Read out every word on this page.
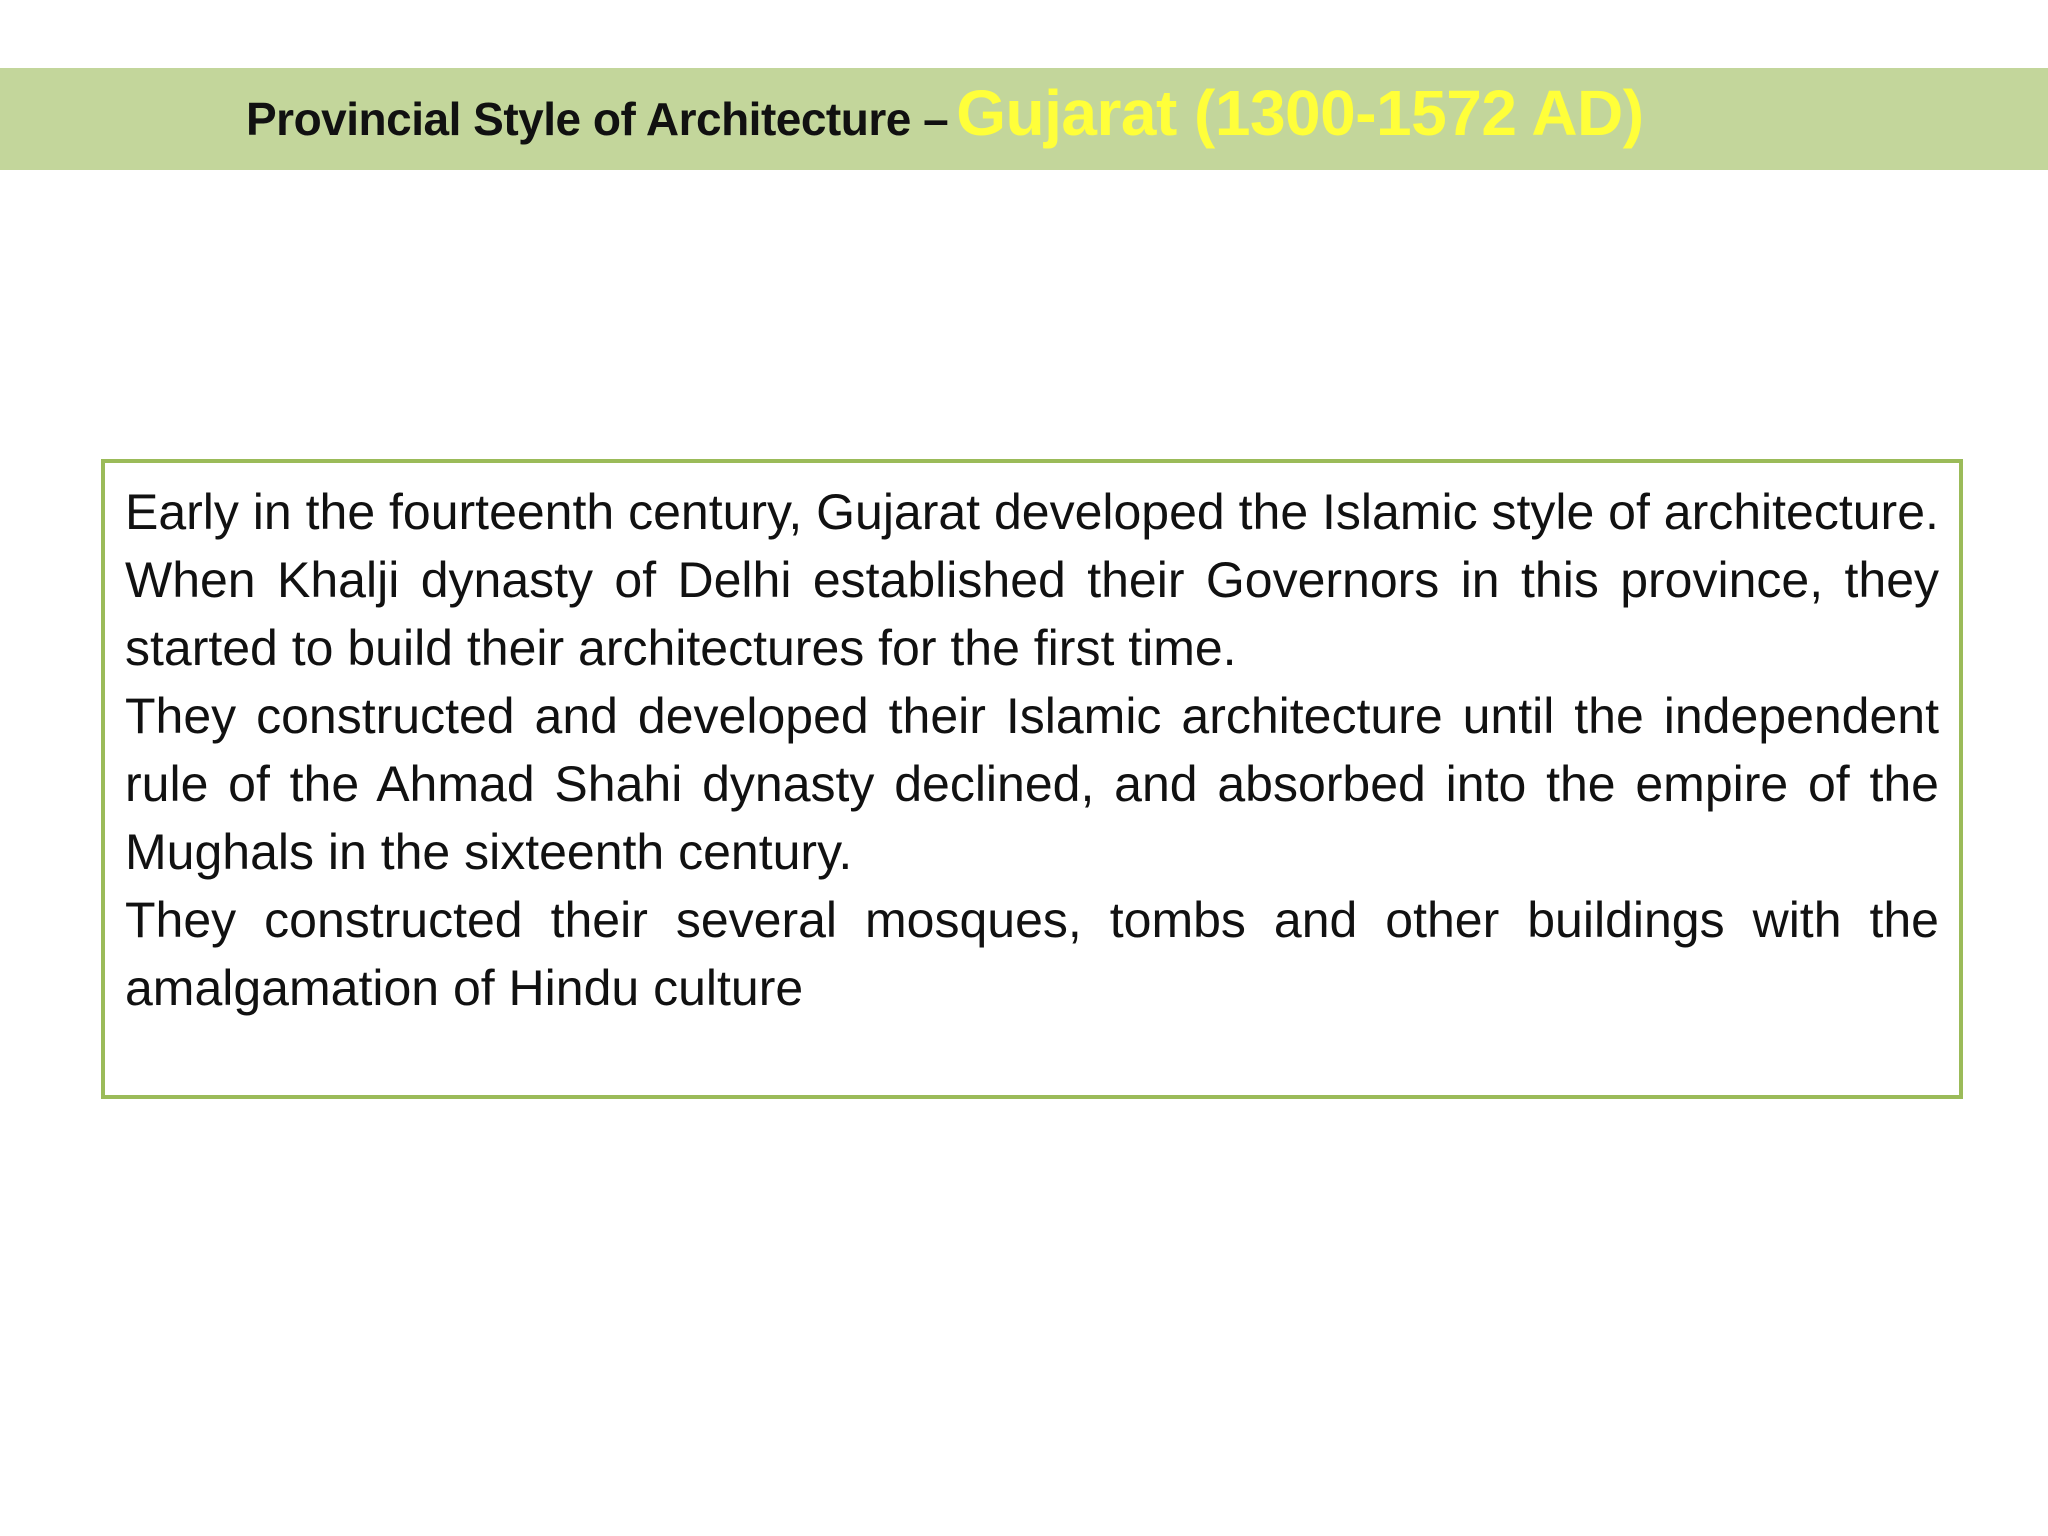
Provincial Style of Architecture – Gujarat (1300-1572 AD)

Early in the fourteenth century, Gujarat developed the Islamic style of architecture.

When Khalji dynasty of Delhi established their Governors in this province, they started to build their architectures for the first time.

They constructed and developed their Islamic architecture until the independent rule of the Ahmad Shahi dynasty declined, and absorbed into the empire of the Mughals in the sixteenth century.

They constructed their several mosques, tombs and other buildings with the amalgamation of Hindu culture
